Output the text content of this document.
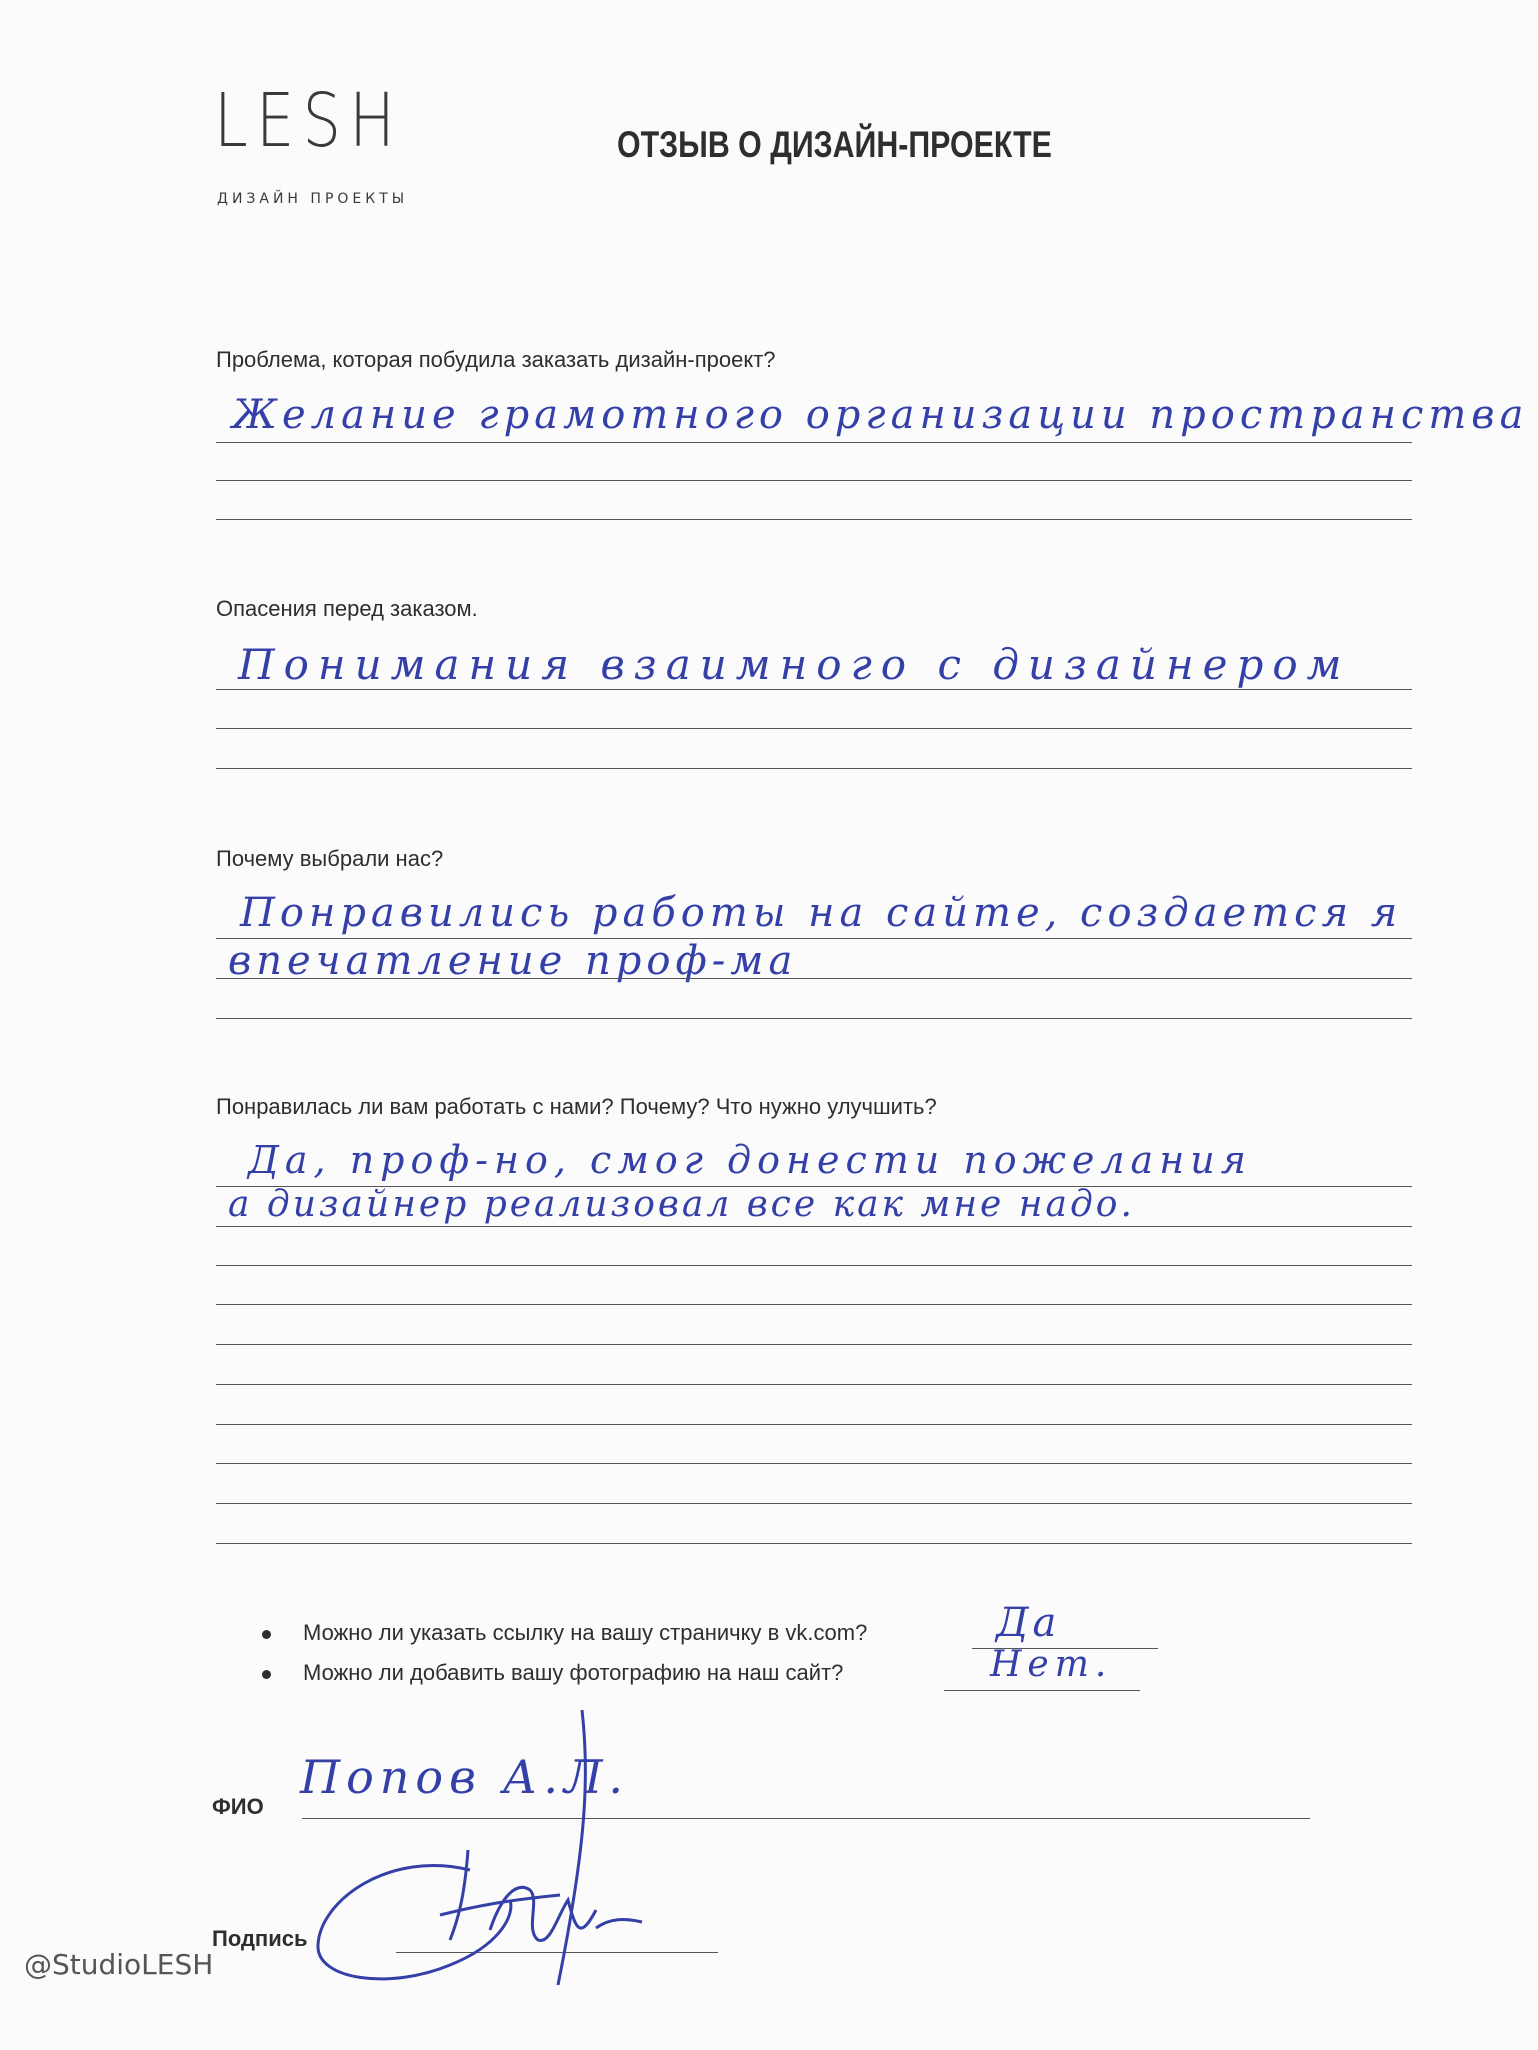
LESH
ДИЗАЙН ПРОЕКТЫ
ОТЗЫВ О ДИЗАЙН-ПРОЕКТЕ
Проблема, которая побудила заказать дизайн-проект?
Желание грамотного организации пространства
Опасения перед заказом.
Понимания взаимного с дизайнером
Почему выбрали нас?
Понравились работы на сайте, создается я
впечатление проф-ма
Понравилась ли вам работать с нами? Почему? Что нужно улучшить?
Да, проф-но, смог донести пожелания
а дизайнер реализовал все как мне надо.
Можно ли указать ссылку на вашу страничку в vk.com?	Да
Можно ли добавить вашу фотографию на наш сайт?	Нет.
ФИО
Попов А.Л.
Подпись
@StudioLESH
